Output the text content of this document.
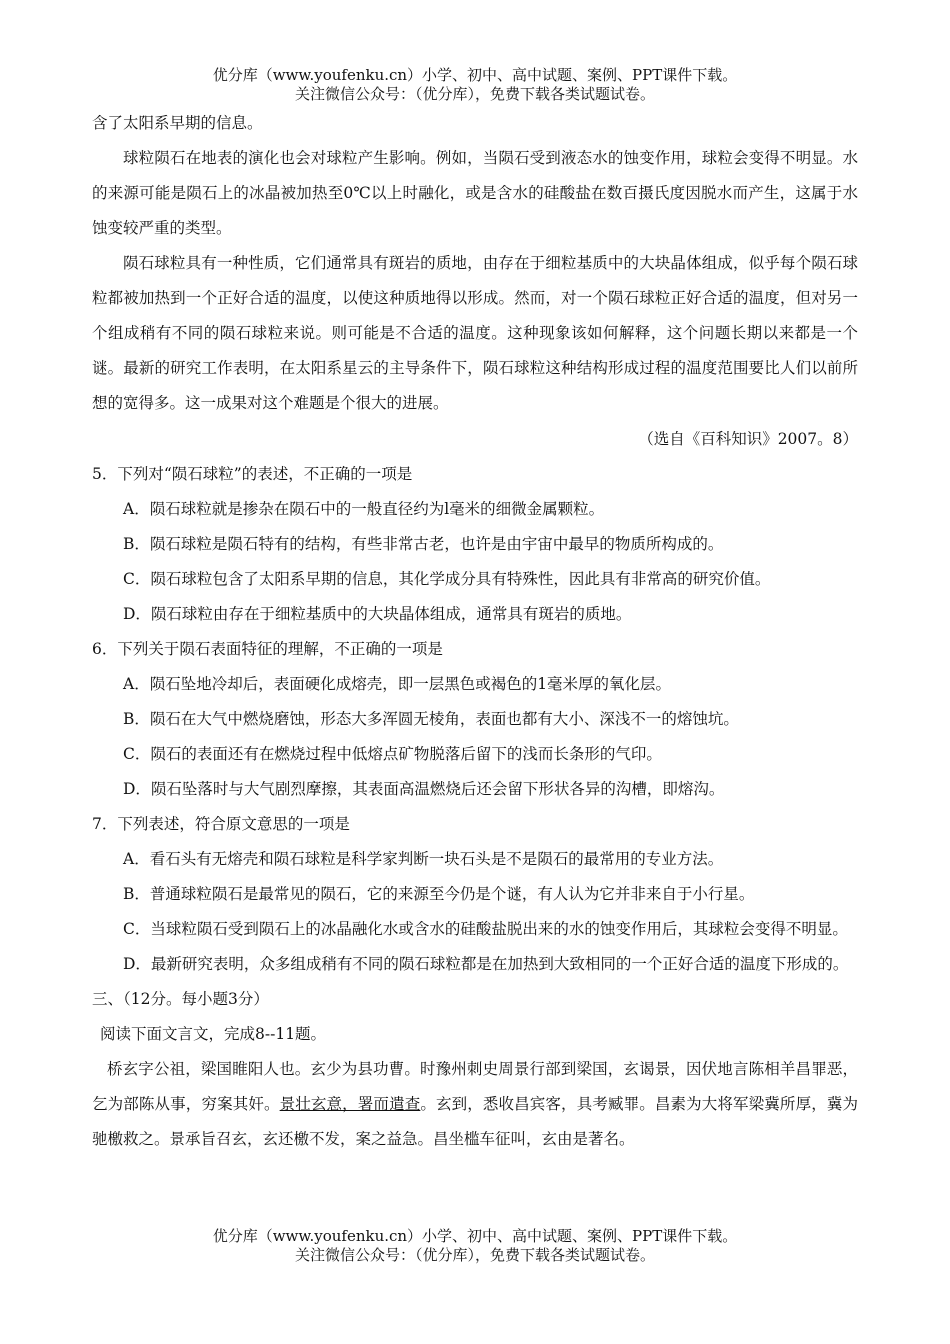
优分库（www.youfenku.cn）小学、初中、高中试题、案例、PPT课件下载。
关注微信公众号：（优分库），免费下载各类试题试卷。

含了太阳系早期的信息。

球粒陨石在地表的演化也会对球粒产生影响。例如，当陨石受到液态水的蚀变作用，球粒会变得不明显。水的来源可能是陨石上的冰晶被加热至0℃以上时融化，或是含水的硅酸盐在数百摄氏度因脱水而产生，这属于水蚀变较严重的类型。

陨石球粒具有一种性质，它们通常具有斑岩的质地，由存在于细粒基质中的大块晶体组成，似乎每个陨石球粒都被加热到一个正好合适的温度，以使这种质地得以形成。然而，对一个陨石球粒正好合适的温度，但对另一个组成稍有不同的陨石球粒来说。则可能是不合适的温度。这种现象该如何解释，这个问题长期以来都是一个谜。最新的研究工作表明，在太阳系星云的主导条件下，陨石球粒这种结构形成过程的温度范围要比人们以前所想的宽得多。这一成果对这个难题是个很大的进展。

（选自《百科知识》2007。8）

5．下列对“陨石球粒”的表述，不正确的一项是

A．陨石球粒就是掺杂在陨石中的一般直径约为l毫米的细微金属颗粒。

B．陨石球粒是陨石特有的结构，有些非常古老，也许是由宇宙中最早的物质所构成的。

C．陨石球粒包含了太阳系早期的信息，其化学成分具有特殊性，因此具有非常高的研究价值。

D．陨石球粒由存在于细粒基质中的大块晶体组成，通常具有斑岩的质地。

6．下列关于陨石表面特征的理解，不正确的一项是

A．陨石坠地冷却后，表面硬化成熔壳，即一层黑色或褐色的1毫米厚的氧化层。

B．陨石在大气中燃烧磨蚀，形态大多浑圆无棱角，表面也都有大小、深浅不一的熔蚀坑。

C．陨石的表面还有在燃烧过程中低熔点矿物脱落后留下的浅而长条形的气印。

D．陨石坠落时与大气剧烈摩擦，其表面高温燃烧后还会留下形状各异的沟槽，即熔沟。

7．下列表述，符合原文意思的一项是

A．看石头有无熔壳和陨石球粒是科学家判断一块石头是不是陨石的最常用的专业方法。

B．普通球粒陨石是最常见的陨石，它的来源至今仍是个谜，有人认为它并非来自于小行星。

C．当球粒陨石受到陨石上的冰晶融化水或含水的硅酸盐脱出来的水的蚀变作用后，其球粒会变得不明显。

D．最新研究表明，众多组成稍有不同的陨石球粒都是在加热到大致相同的一个正好合适的温度下形成的。

三、（12分。每小题3分）

阅读下面文言文，完成8--11题。

桥玄字公祖，梁国睢阳人也。玄少为县功曹。时豫州刺史周景行部到梁国，玄谒景，因伏地言陈相羊昌罪恶，乞为部陈从事，穷案其奸。景壮玄意，署而遣查。玄到，悉收昌宾客，具考臧罪。昌素为大将军梁冀所厚，冀为驰檄救之。景承旨召玄，玄还檄不发，案之益急。昌坐槛车征叫，玄由是著名。

优分库（www.youfenku.cn）小学、初中、高中试题、案例、PPT课件下载。
关注微信公众号：（优分库），免费下载各类试题试卷。
